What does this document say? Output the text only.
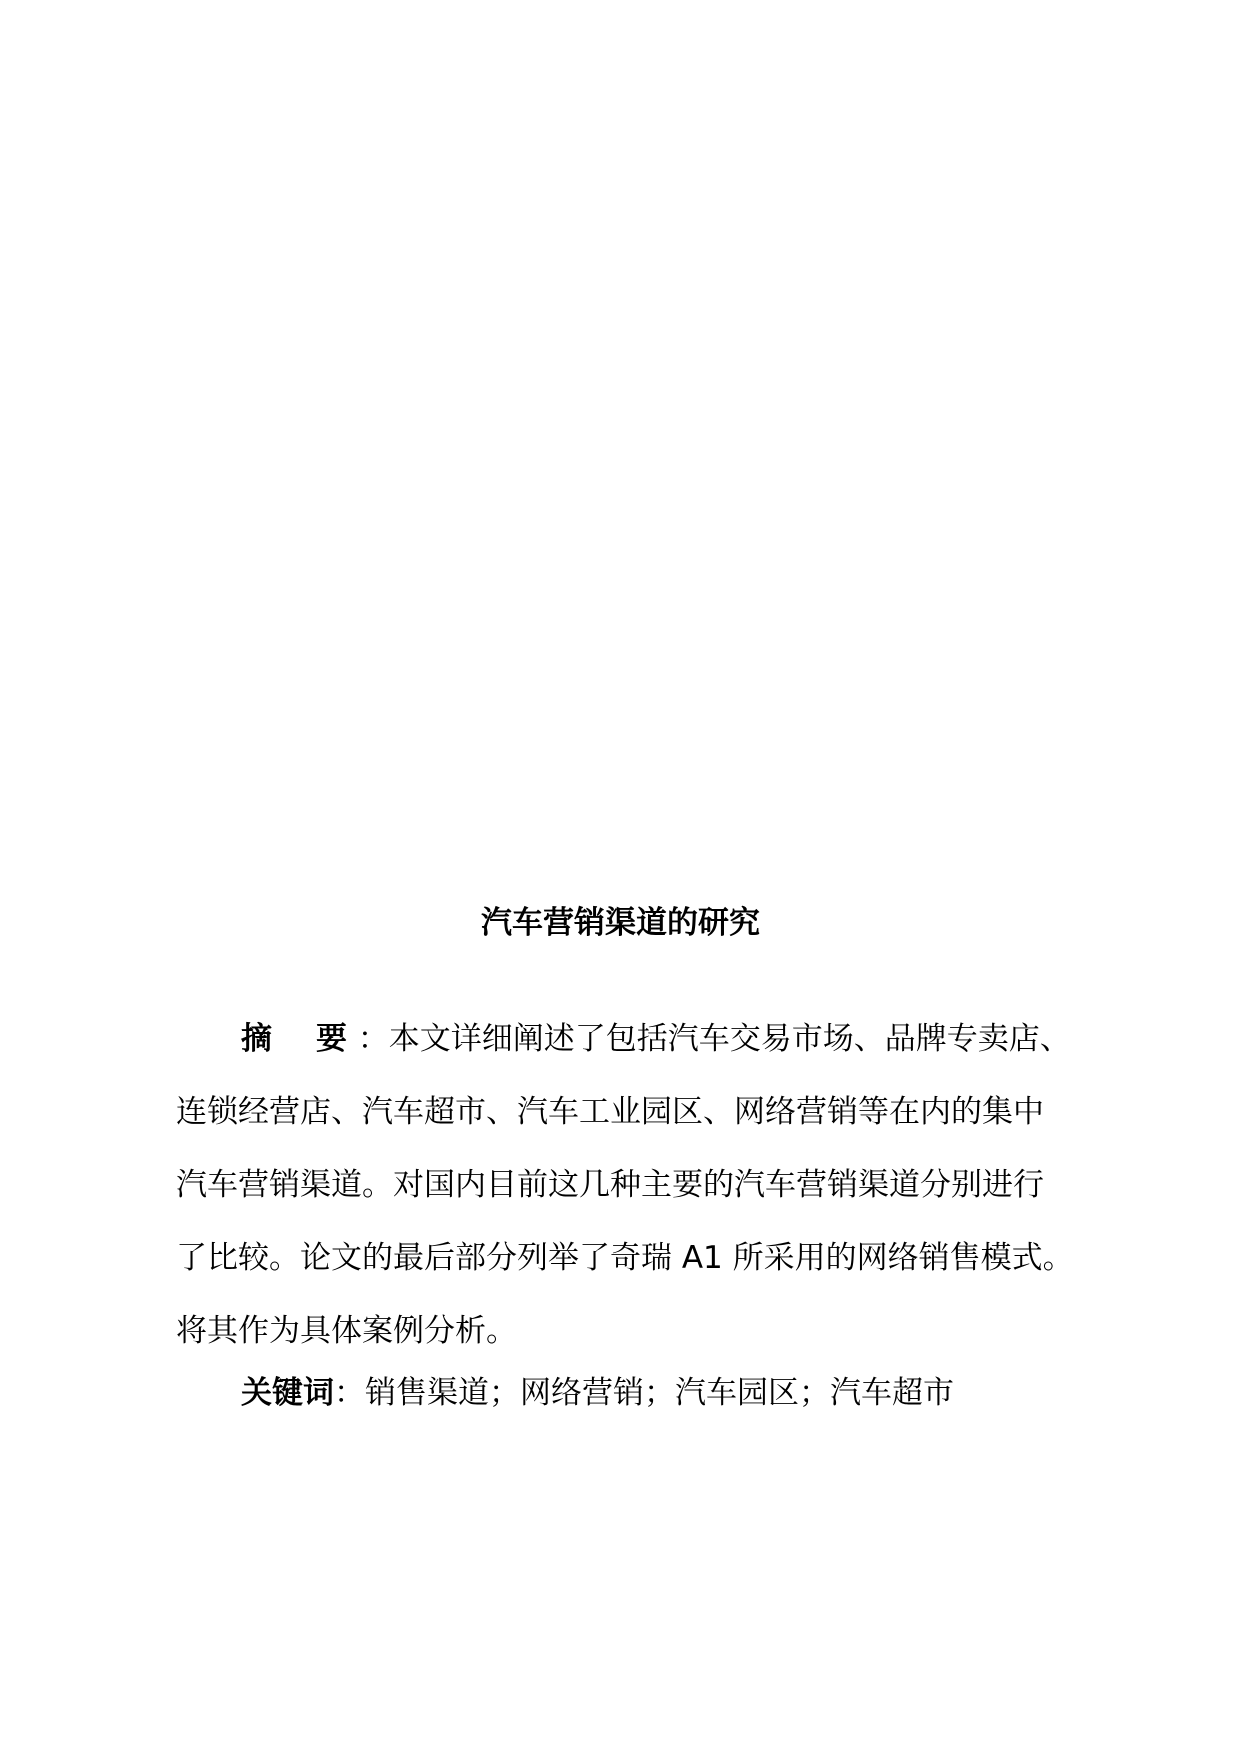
汽车营销渠道的研究
摘 要 ：本文详细阐述了包括汽车交易市场、品牌专卖店、
连锁经营店、汽车超市、汽车工业园区、网络营销等在内的集中
汽车营销渠道。对国内目前这几种主要的汽车营销渠道分别进行
了比较。论文的最后部分列举了奇瑞 A1 所采用的网络销售模式。
将其作为具体案例分析。
关键词：销售渠道；网络营销；汽车园区；汽车超市
